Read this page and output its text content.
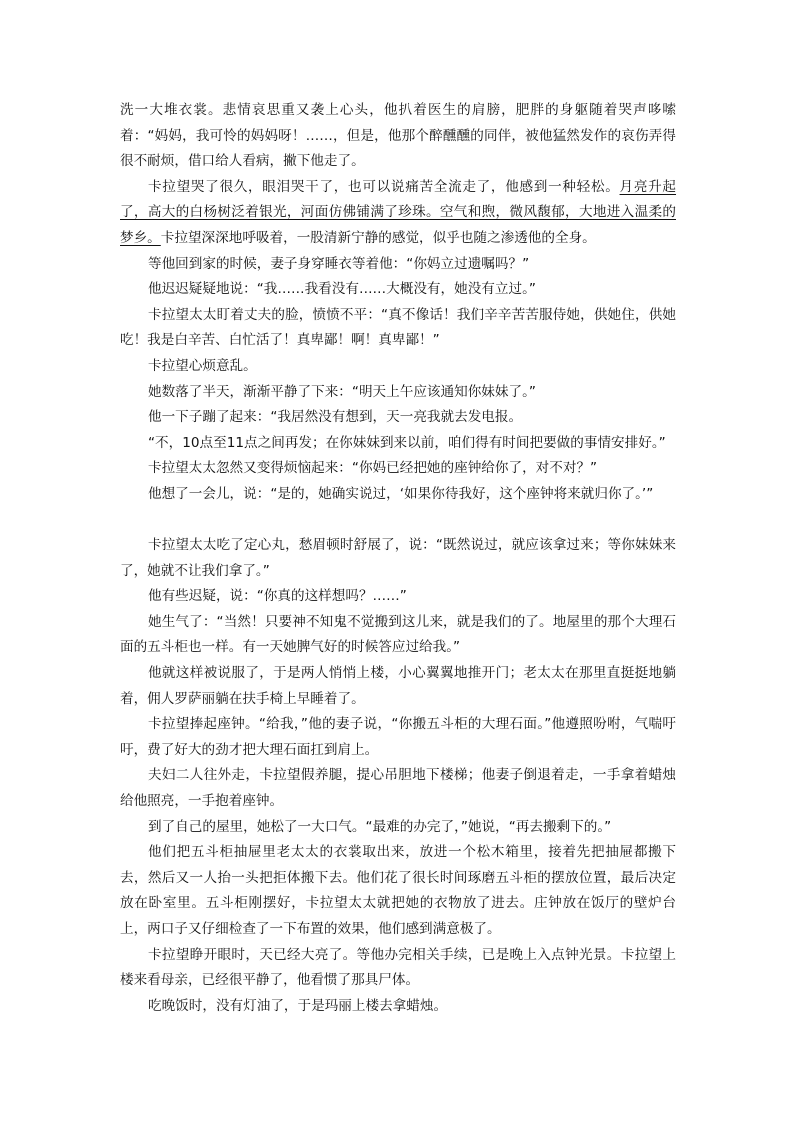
洗一大堆衣裳。悲情哀思重又袭上心头，他扒着医生的肩膀，肥胖的身躯随着哭声哆嗦着：“妈妈，我可怜的妈妈呀！……，但是，他那个醉醺醺的同伴，被他猛然发作的哀伤弄得很不耐烦，借口给人看病，撇下他走了。

卡拉望哭了很久，眼泪哭干了，也可以说痛苦全流走了，他感到一种轻松。月亮升起了，高大的白杨树泛着银光，河面仿佛铺满了珍珠。空气和煦，微风馥郁，大地进入温柔的梦乡。卡拉望深深地呼吸着，一股清新宁静的感觉，似乎也随之渗透他的全身。

等他回到家的时候，妻子身穿睡衣等着他：“你妈立过遗嘱吗？”

他迟迟疑疑地说：“我……我看没有……大概没有，她没有立过。”

卡拉望太太盯着丈夫的脸，愤愤不平：“真不像话！我们辛辛苦苦服侍她，供她住，供她吃！我是白辛苦、白忙活了！真卑鄙！啊！真卑鄙！”

卡拉望心烦意乱。

她数落了半天，渐渐平静了下来：“明天上午应该通知你妹妹了。”

他一下子蹦了起来：“我居然没有想到，天一亮我就去发电报。

“不，10点至11点之间再发；在你妹妹到来以前，咱们得有时间把要做的事情安排好。”

卡拉望太太忽然又变得烦恼起来：“你妈已经把她的座钟给你了，对不对？”

他想了一会儿，说：“是的，她确实说过，‘如果你待我好，这个座钟将来就归你了。’”

卡拉望太太吃了定心丸，愁眉顿时舒展了，说：“既然说过，就应该拿过来；等你妹妹来了，她就不让我们拿了。”

他有些迟疑，说：“你真的这样想吗？……”

她生气了：“当然！只要神不知鬼不觉搬到这儿来，就是我们的了。地屋里的那个大理石面的五斗柜也一样。有一天她脾气好的时候答应过给我。”

他就这样被说服了，于是两人悄悄上楼，小心翼翼地推开门；老太太在那里直挺挺地躺着，佣人罗萨丽躺在扶手椅上早睡着了。

卡拉望捧起座钟。“给我，”他的妻子说，“你搬五斗柜的大理石面。”他遵照吩咐，气喘吁吁，费了好大的劲才把大理石面扛到肩上。

夫妇二人往外走，卡拉望假养腿，提心吊胆地下楼梯；他妻子倒退着走，一手拿着蜡烛给他照亮，一手抱着座钟。

到了自己的屋里，她松了一大口气。“最难的办完了，”她说，“再去搬剩下的。”

他们把五斗柜抽屉里老太太的衣裳取出来，放进一个松木箱里，接着先把抽屉都搬下去，然后又一人抬一头把拒体搬下去。他们花了很长时间琢磨五斗柜的摆放位置，最后决定放在卧室里。五斗柜刚摆好，卡拉望太太就把她的衣物放了进去。庄钟放在饭厅的壁炉台上，两口子又仔细检查了一下布置的效果，他们感到满意极了。

卡拉望睁开眼时，天已经大亮了。等他办完相关手续，已是晚上入点钟光景。卡拉望上楼来看母亲，已经很平静了，他看惯了那具尸体。

吃晚饭时，没有灯油了，于是玛丽上楼去拿蜡烛。
